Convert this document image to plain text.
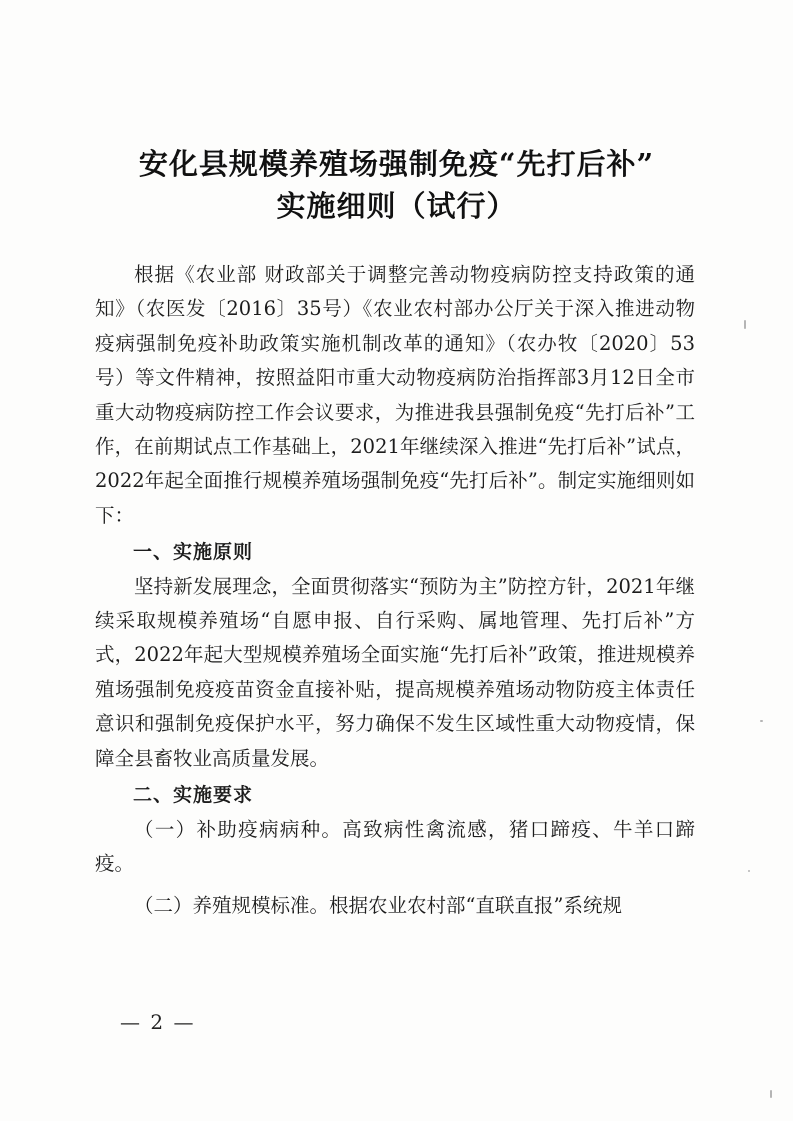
安化县规模养殖场强制免疫“先打后补”
实施细则（试行）

根据《农业部 财政部关于调整完善动物疫病防控支持政策的通知》（农医发〔2016〕35号）《农业农村部办公厅关于深入推进动物疫病强制免疫补助政策实施机制改革的通知》（农办牧〔2020〕53号）等文件精神，按照益阳市重大动物疫病防治指挥部3月12日全市重大动物疫病防控工作会议要求，为推进我县强制免疫“先打后补”工作，在前期试点工作基础上，2021年继续深入推进“先打后补”试点，2022年起全面推行规模养殖场强制免疫“先打后补”。制定实施细则如下：

一、实施原则

坚持新发展理念，全面贯彻落实“预防为主”防控方针，2021年继续采取规模养殖场“自愿申报、自行采购、属地管理、先打后补”方式，2022年起大型规模养殖场全面实施“先打后补”政策，推进规模养殖场强制免疫疫苗资金直接补贴，提高规模养殖场动物防疫主体责任意识和强制免疫保护水平，努力确保不发生区域性重大动物疫情，保障全县畜牧业高质量发展。

二、实施要求

（一）补助疫病病种。高致病性禽流感，猪口蹄疫、牛羊口蹄疫。

（二）养殖规模标准。根据农业农村部“直联直报”系统规

— 2 —
